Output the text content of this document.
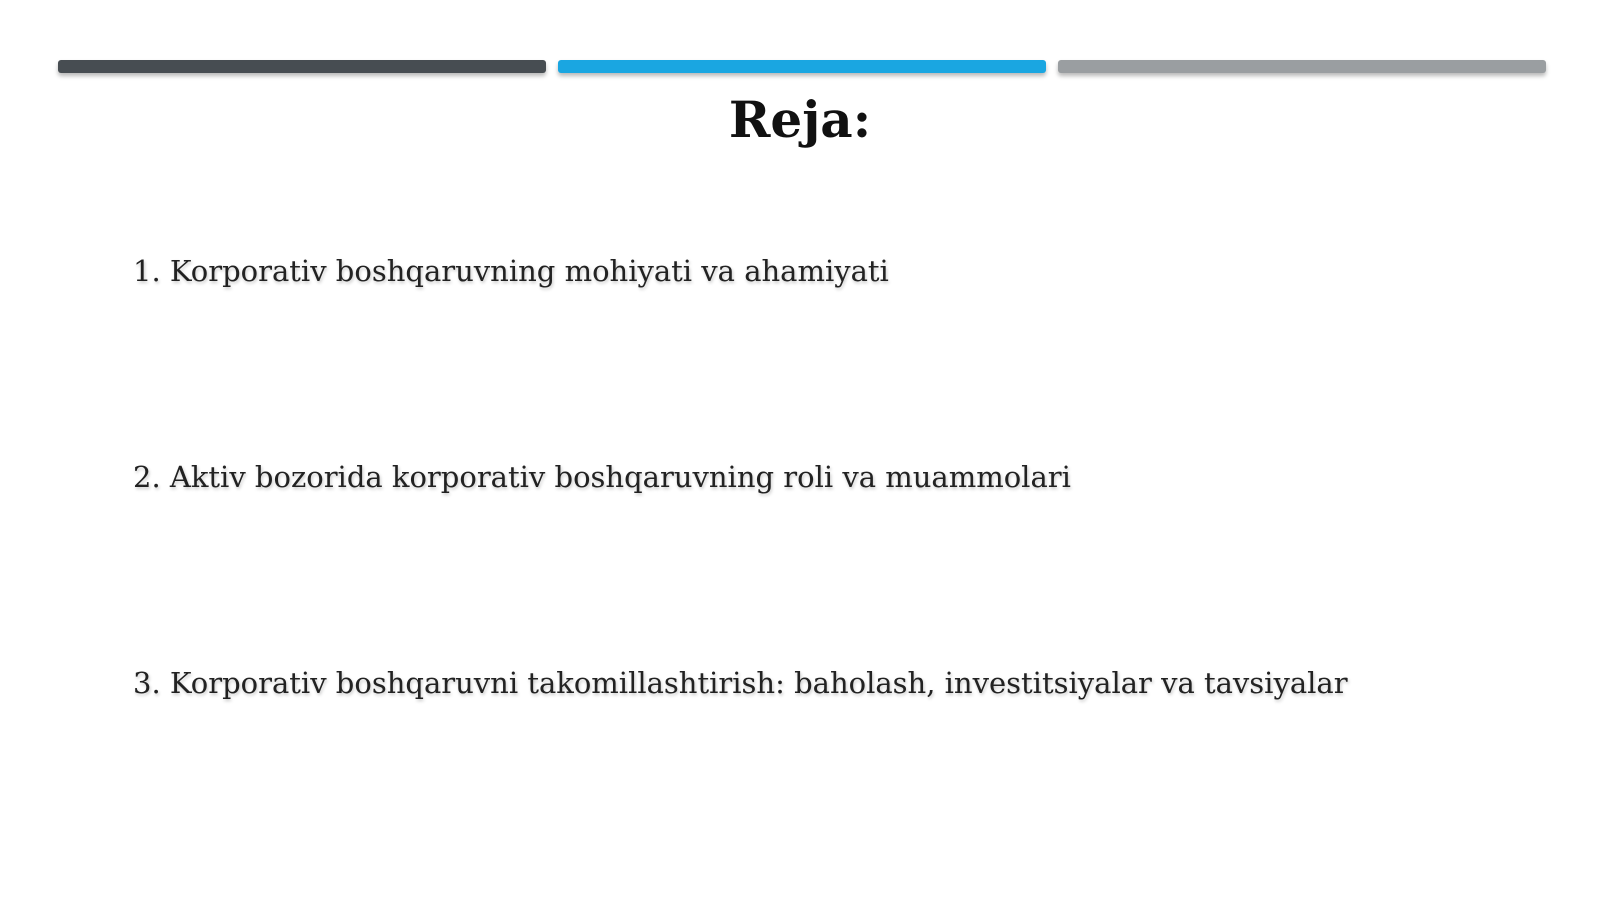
Reja:
1. Korporativ boshqaruvning mohiyati va ahamiyati
2. Aktiv bozorida korporativ boshqaruvning roli va muammolari
3. Korporativ boshqaruvni takomillashtirish: baholash, investitsiyalar va tavsiyalar
